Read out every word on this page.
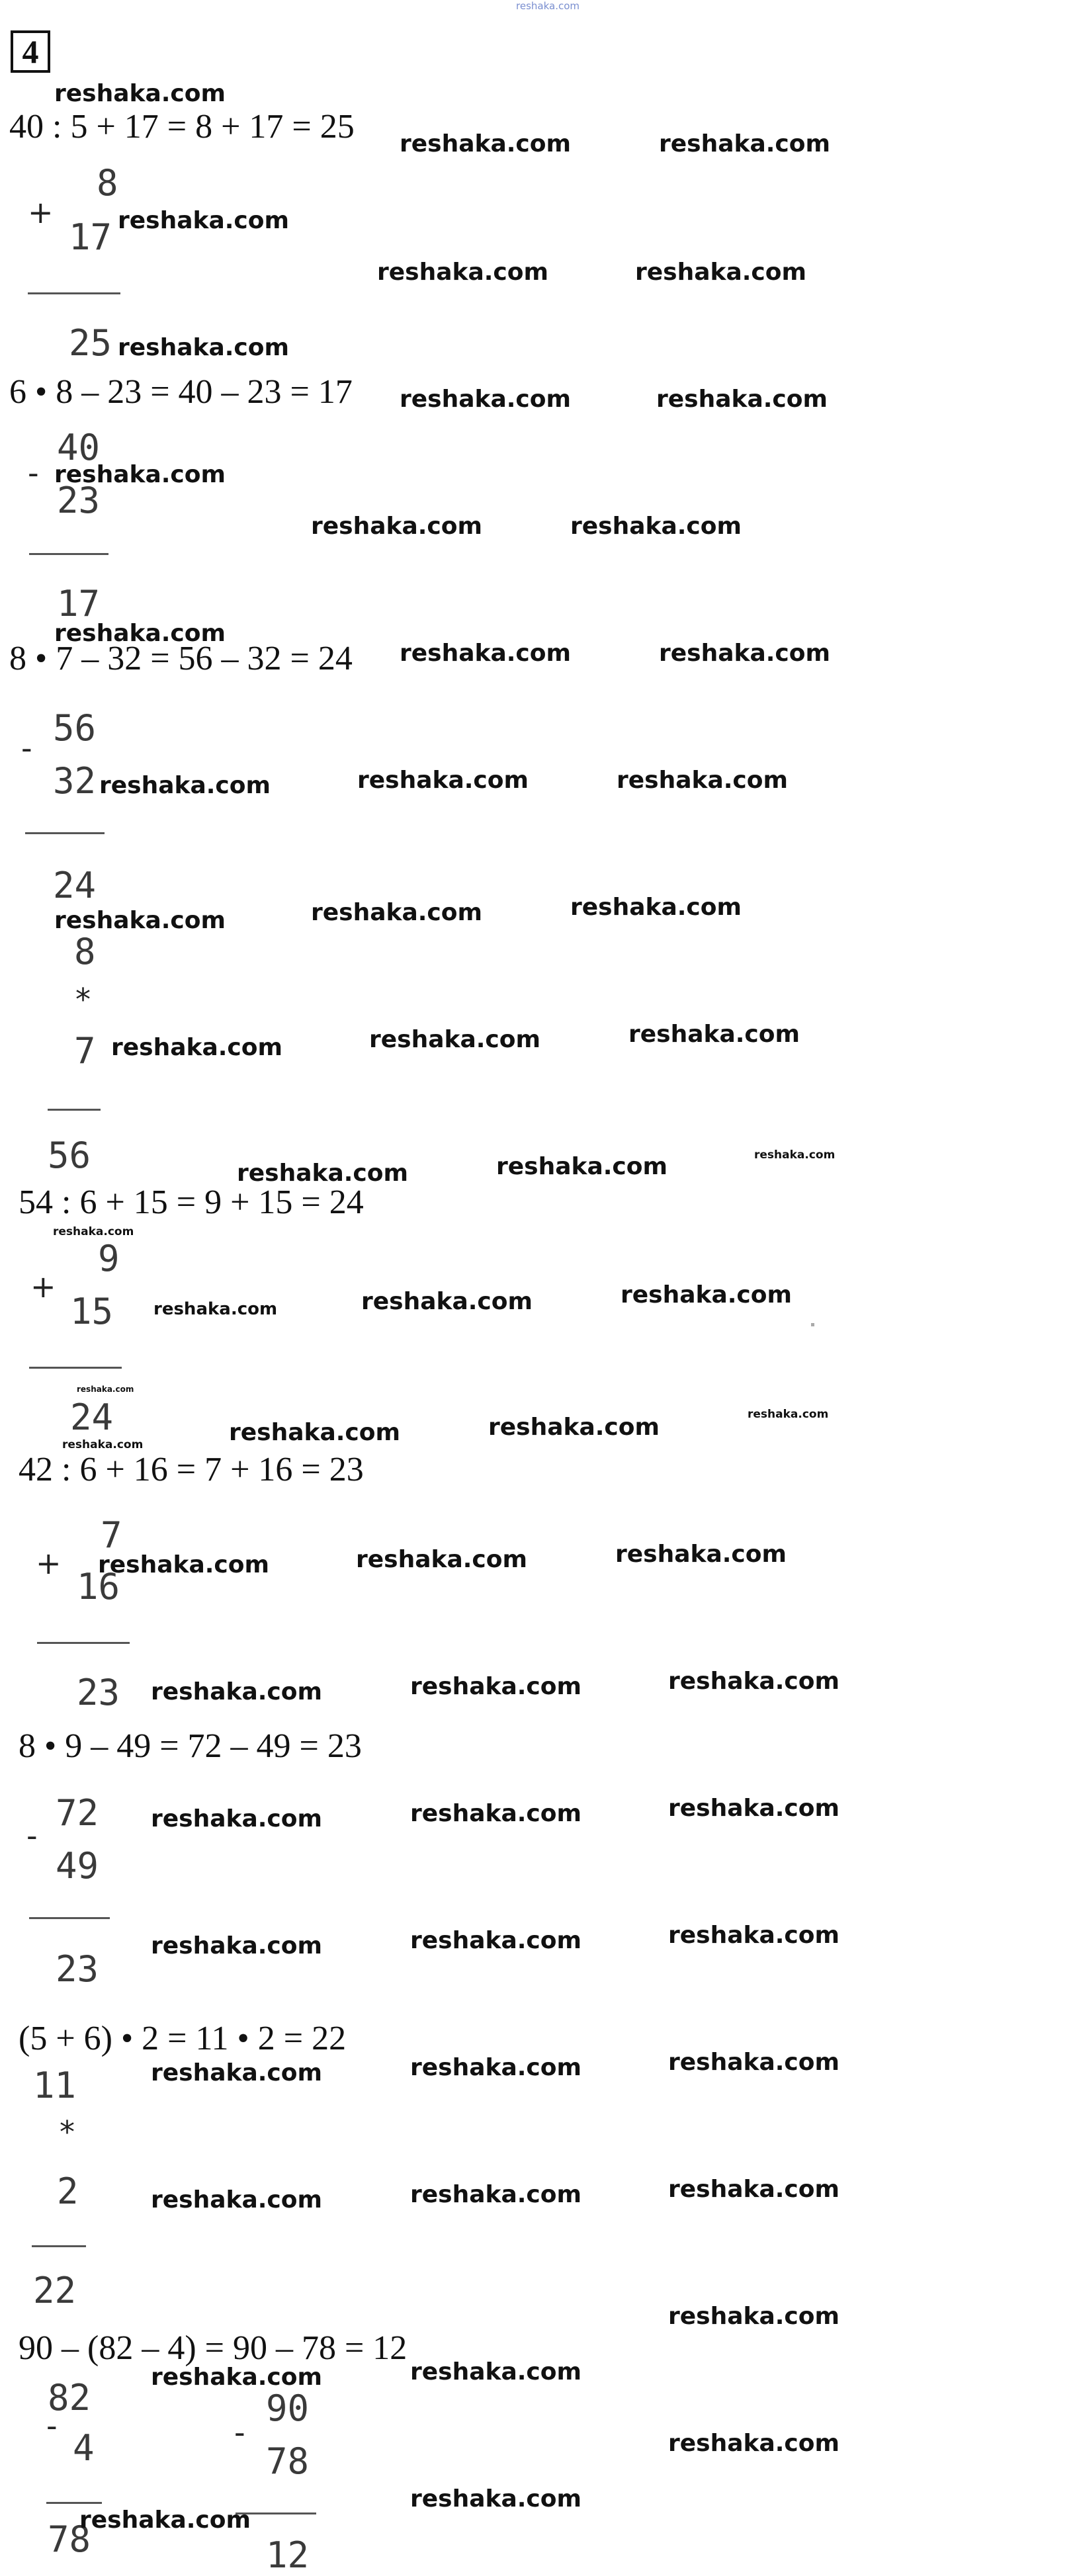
reshaka.com
4
40 : 5 + 17 = 8 + 17 = 25
+
8
17
25
6 • 8 – 23 = 40 – 23 = 17
-
40
23
17
8 • 7 – 32 = 56 – 32 = 24
- 56
32
24
8
*
7
56
54 : 6 + 15 = 9 + 15 = 24
+
9
15
24
42 : 6 + 16 = 7 + 16 = 23
+
7
16
23
8 • 9 – 49 = 72 – 49 = 23
-
72
49
23
(5 + 6) • 2 = 11 • 2 = 22
11
*
2
22
90 – (82 – 4) = 90 – 78 = 12
82
-
4
78
90
-
78
12
reshaka.com
reshaka.com	reshaka.com
reshaka.com
reshaka.com	reshaka.com
reshaka.com
reshaka.com	reshaka.com
reshaka.com
reshaka.com	reshaka.com
reshaka.com
reshaka.com	reshaka.com
reshaka.com	reshaka.com	reshaka.com
reshaka.com	reshaka.com	reshaka.com
reshaka.com	reshaka.com	reshaka.com
reshaka.com	reshaka.com	reshaka.com
reshaka.com
reshaka.com	reshaka.com	reshaka.com
reshaka.com
reshaka.com	reshaka.com	reshaka.com	reshaka.com
reshaka.com	reshaka.com	reshaka.com
reshaka.com	reshaka.com	reshaka.com
reshaka.com	reshaka.com	reshaka.com
reshaka.com	reshaka.com	reshaka.com
reshaka.com	reshaka.com	reshaka.com
reshaka.com	reshaka.com	reshaka.com
reshaka.com
reshaka.com	reshaka.com
reshaka.com
reshaka.com
reshaka.com
